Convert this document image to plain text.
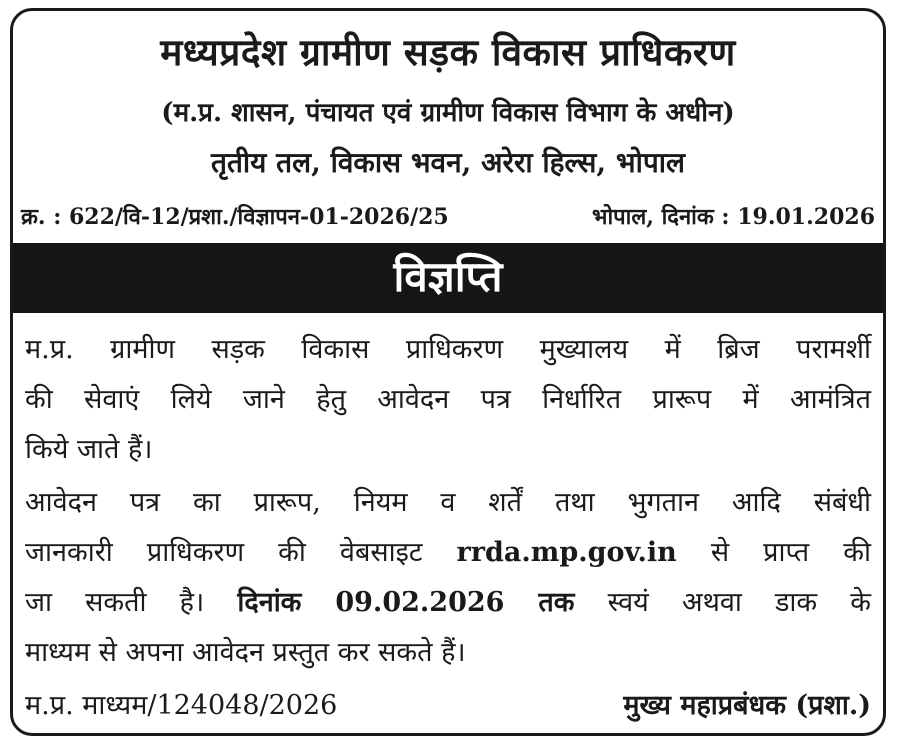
मध्यप्रदेश ग्रामीण सड़क विकास प्राधिकरण
(म.प्र. शासन, पंचायत एवं ग्रामीण विकास विभाग के अधीन)
तृतीय तल, विकास भवन, अरेरा हिल्स, भोपाल
क्र. : 622/वि-12/प्रशा./विज्ञापन-01-2026/25	भोपाल, दिनांक : 19.01.2026
विज्ञप्ति
म.प्र. ग्रामीण सड़क विकास प्राधिकरण मुख्यालय में ब्रिज परामर्शी
की सेवाएं लिये जाने हेतु आवेदन पत्र निर्धारित प्रारूप में आमंत्रित
किये जाते हैं।
आवेदन पत्र का प्रारूप, नियम व शर्तें तथा भुगतान आदि संबंधी
जानकारी प्राधिकरण की वेबसाइट rrda.mp.gov.in से प्राप्त की
जा सकती है। दिनांक 09.02.2026 तक स्वयं अथवा डाक के
माध्यम से अपना आवेदन प्रस्तुत कर सकते हैं।
म.प्र. माध्यम/124048/2026	मुख्य महाप्रबंधक (प्रशा.)
